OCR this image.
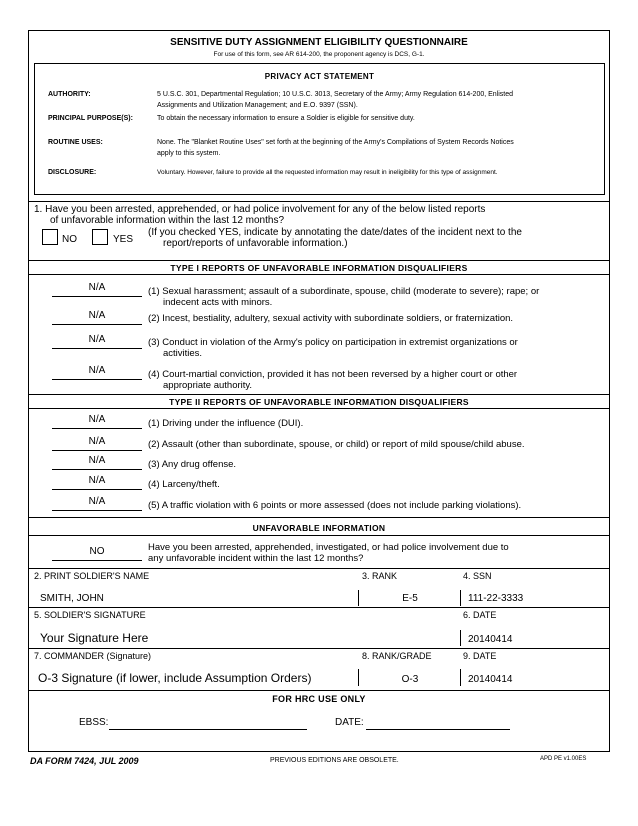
SENSITIVE DUTY ASSIGNMENT ELIGIBILITY QUESTIONNAIRE
For use of this form, see AR 614-200, the proponent agency is DCS, G-1.
PRIVACY ACT STATEMENT
AUTHORITY:	5 U.S.C. 301, Departmental Regulation; 10 U.S.C. 3013, Secretary of the Army; Army Regulation 614-200, Enlisted
Assignments and Utilization Management; and E.O. 9397 (SSN).
PRINCIPAL PURPOSE(S):	To obtain the necessary information to ensure a Soldier is eligible for sensitive duty.
ROUTINE USES:	None. The "Blanket Routine Uses" set forth at the beginning of the Army's Compilations of System Records Notices
apply to this system.
DISCLOSURE:	Voluntary. However, failure to provide all the requested information may result in ineligibility for this type of assignment.
1. Have you been arrested, apprehended, or had police involvement for any of the below listed reports
of unfavorable information within the last 12 months?
NO	YES
(If you checked YES, indicate by annotating the date/dates of the incident next to the
report/reports of unfavorable information.)
TYPE I REPORTS OF UNFAVORABLE INFORMATION DISQUALIFIERS
N/A	(1) Sexual harassment; assault of a subordinate, spouse, child (moderate to severe); rape; or
indecent acts with minors.
N/A	(2) Incest, bestiality, adultery, sexual activity with subordinate soldiers, or fraternization.
N/A	(3) Conduct in violation of the Army's policy on participation in extremist organizations or
activities.
N/A	(4) Court-martial conviction, provided it has not been reversed by a higher court or other
appropriate authority.
TYPE II REPORTS OF UNFAVORABLE INFORMATION DISQUALIFIERS
N/A	(1) Driving under the influence (DUI).
N/A	(2) Assault (other than subordinate, spouse, or child) or report of mild spouse/child abuse.
N/A	(3) Any drug offense.
N/A	(4) Larceny/theft.
N/A	(5) A traffic violation with 6 points or more assessed (does not include parking violations).
UNFAVORABLE INFORMATION
NO	Have you been arrested, apprehended, investigated, or had police involvement due to
any unfavorable incident within the last 12 months?
2. PRINT SOLDIER'S NAME	3. RANK	4. SSN
SMITH, JOHN	E-5	111-22-3333
5. SOLDIER'S SIGNATURE	6. DATE
Your Signature Here	20140414
7. COMMANDER (Signature)	8. RANK/GRADE	9. DATE
O-3 Signature (if lower, include Assumption Orders)	O-3	20140414
FOR HRC USE ONLY
EBSS:	DATE:
DA FORM 7424, JUL 2009	PREVIOUS EDITIONS ARE OBSOLETE.	APD PE v1.00ES
